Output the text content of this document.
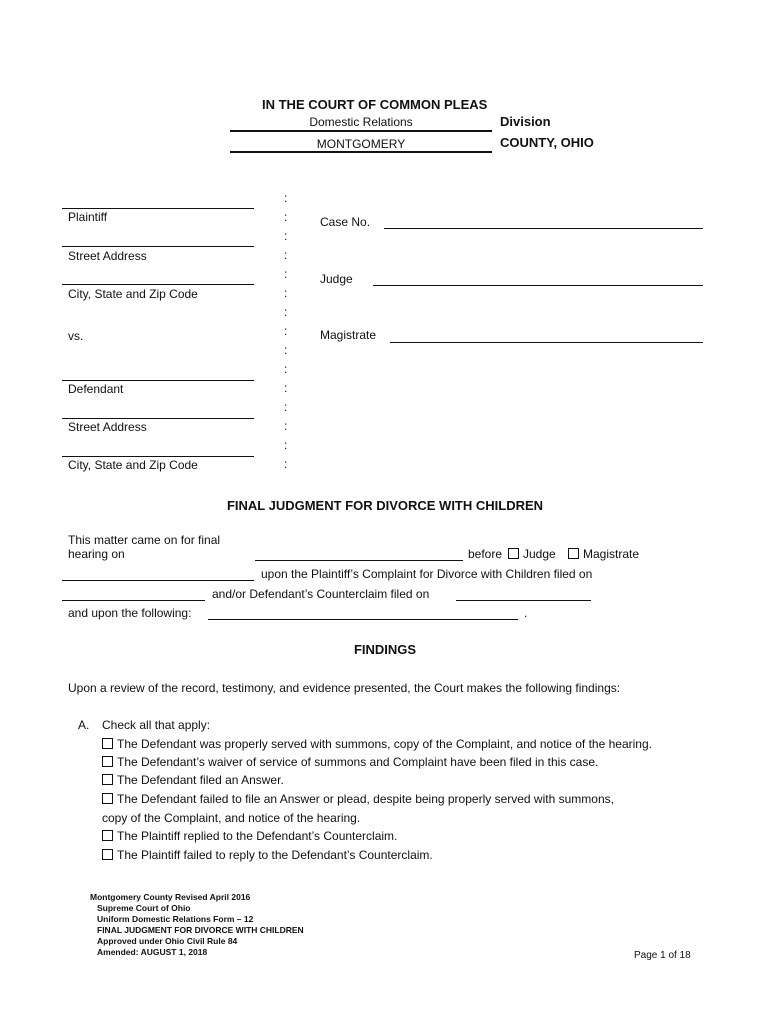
IN THE COURT OF COMMON PLEAS
Domestic Relations	Division
MONTGOMERY	COUNTY, OHIO
Plaintiff
Street Address
City, State and Zip Code
vs.
Defendant
Street Address
City, State and Zip Code
:
:
:
:
:
:
:
:
:
:
:
:
:
:
:
Case No.
Judge
Magistrate
FINAL JUDGMENT FOR DIVORCE WITH CHILDREN
This matter came on for final
hearing on	before	Judge	Magistrate
upon the Plaintiff’s Complaint for Divorce with Children filed on
and/or Defendant’s Counterclaim filed on
and upon the following:	.
FINDINGS
Upon a review of the record, testimony, and evidence presented, the Court makes the following findings:
A. Check all that apply:
The Defendant was properly served with summons, copy of the Complaint, and notice of the hearing.
The Defendant’s waiver of service of summons and Complaint have been filed in this case.
The Defendant filed an Answer.
The Defendant failed to file an Answer or plead, despite being properly served with summons,
copy of the Complaint, and notice of the hearing.
The Plaintiff replied to the Defendant’s Counterclaim.
The Plaintiff failed to reply to the Defendant’s Counterclaim.
Montgomery County Revised April 2016
Supreme Court of Ohio
Uniform Domestic Relations Form – 12
FINAL JUDGMENT FOR DIVORCE WITH CHILDREN
Approved under Ohio Civil Rule 84
Amended: AUGUST 1, 2018	Page 1 of 18
